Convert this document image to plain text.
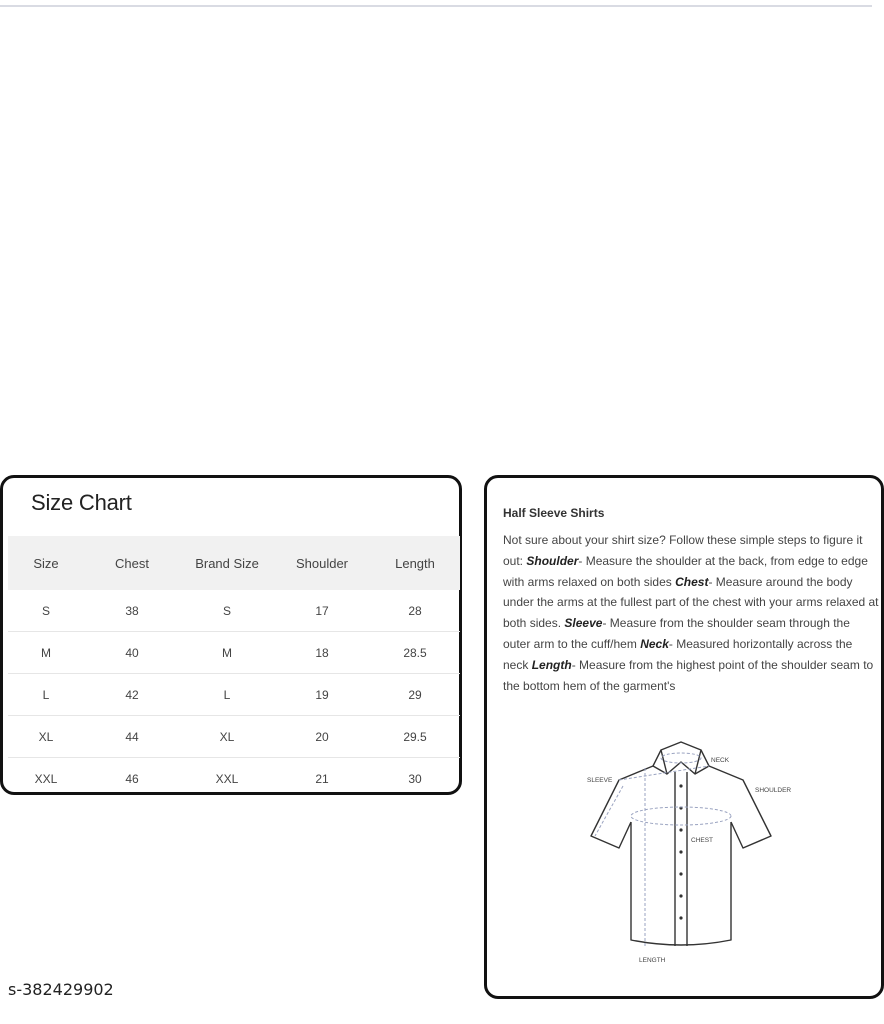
Size Chart
Size	Chest	Brand Size	Shoulder	Length
S	38	S	17	28
M	40	M	18	28.5
L	42	L	19	29
XL	44	XL	20	29.5
XXL	46	XXL	21	30
Half Sleeve Shirts

Not sure about your shirt size? Follow these simple steps to figure it out: Shoulder- Measure the shoulder at the back, from edge to edge with arms relaxed on both sides Chest- Measure around the body under the arms at the fullest part of the chest with your arms relaxed at both sides. Sleeve- Measure from the shoulder seam through the outer arm to the cuff/hem Neck- Measured horizontally across the neck Length- Measure from the highest point of the shoulder seam to the bottom hem of the garment's

NECK
SLEEVE
SHOULDER
CHEST
LENGTH
s-382429902
